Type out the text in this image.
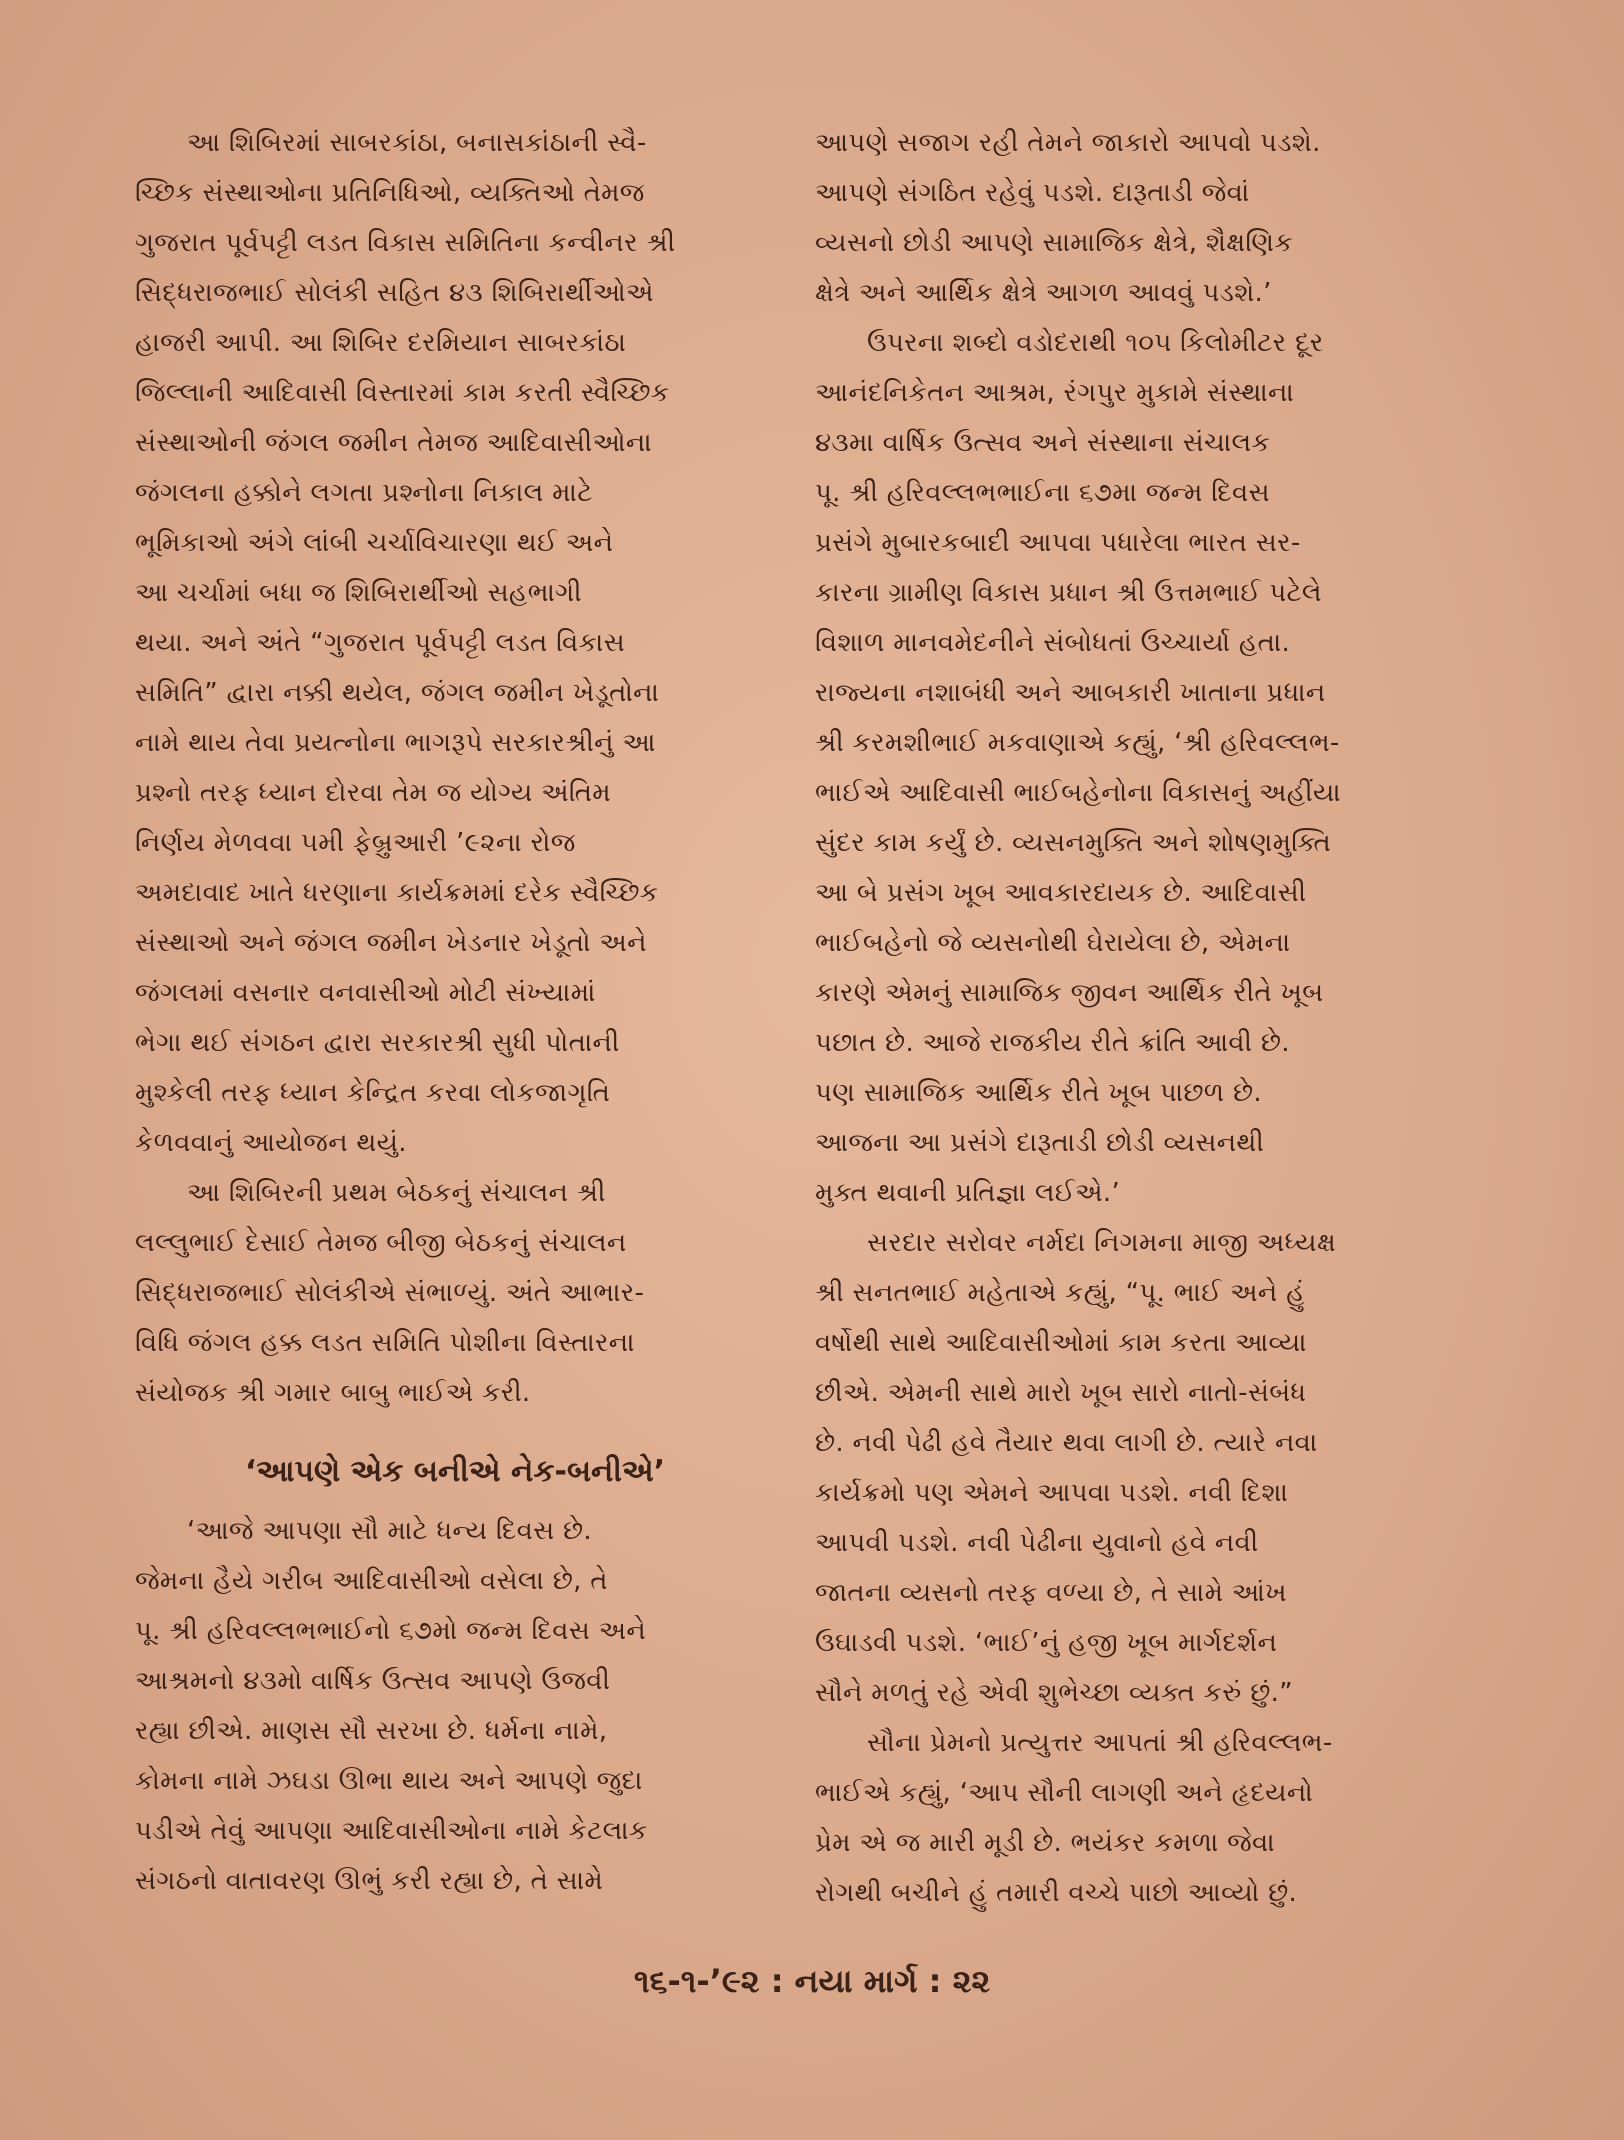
આ શિબિરમાં સાબરકાંઠા, બનાસકાંઠાની સ્વૈ-
ચ્છિક સંસ્થાઓના પ્રતિનિધિઓ, વ્યક્તિઓ તેમજ
ગુજરાત પૂર્વપટ્ટી લડત વિકાસ સમિતિના કન્વીનર શ્રી
સિદ્ધરાજભાઈ સોલંકી સહિત ૪૩ શિબિરાર્થીઓએ
હાજરી આપી. આ શિબિર દરમિયાન સાબરકાંઠા
જિલ્લાની આદિવાસી વિસ્તારમાં કામ કરતી સ્વૈચ્છિક
સંસ્થાઓની જંગલ જમીન તેમજ આદિવાસીઓના
જંગલના હક્કોને લગતા પ્રશ્નોના નિકાલ માટે
ભૂમિકાઓ અંગે લાંબી ચર્ચાવિચારણા થઈ અને
આ ચર્ચામાં બધા જ શિબિરાર્થીઓ સહભાગી
થયા. અને અંતે “ગુજરાત પૂર્વપટ્ટી લડત વિકાસ
સમિતિ” દ્વારા નક્કી થયેલ, જંગલ જમીન ખેડૂતોના
નામે થાય તેવા પ્રયત્નોના ભાગરૂપે સરકારશ્રીનું આ
પ્રશ્નો તરફ ધ્યાન દોરવા તેમ જ યોગ્ય અંતિમ
નિર્ણય મેળવવા ૫મી ફેબ્રુઆરી ’૯૨ના રોજ
અમદાવાદ ખાતે ધરણાના કાર્યક્રમમાં દરેક સ્વૈચ્છિક
સંસ્થાઓ અને જંગલ જમીન ખેડનાર ખેડૂતો અને
જંગલમાં વસનાર વનવાસીઓ મોટી સંખ્યામાં
ભેગા થઈ સંગઠન દ્વારા સરકારશ્રી સુધી પોતાની
મુશ્કેલી તરફ ધ્યાન કેન્દ્રિત કરવા લોકજાગૃતિ
કેળવવાનું આયોજન થયું.
આ શિબિરની પ્રથમ બેઠકનું સંચાલન શ્રી
લલ્લુભાઈ દેસાઈ તેમજ બીજી બેઠકનું સંચાલન
સિદ્ધરાજભાઈ સોલંકીએ સંભાળ્યું. અંતે આભાર-
વિધિ જંગલ હક્ક લડત સમિતિ પોશીના વિસ્તારના
સંયોજક શ્રી ગમાર બાબુ ભાઈએ કરી.
‘આપણે એક બનીએ નેક-બનીએ’
‘આજે આપણા સૌ માટે ધન્ય દિવસ છે.
જેમના હૈયે ગરીબ આદિવાસીઓ વસેલા છે, તે
પૂ. શ્રી હરિવલ્લભભાઈનો ૬૭મો જન્મ દિવસ અને
આશ્રમનો ૪૩મો વાર્ષિક ઉત્સવ આપણે ઉજવી
રહ્યા છીએ. માણસ સૌ સરખા છે. ધર્મના નામે,
કોમના નામે ઝઘડા ઊભા થાય અને આપણે જુદા
પડીએ તેવું આપણા આદિવાસીઓના નામે કેટલાક
સંગઠનો વાતાવરણ ઊભું કરી રહ્યા છે, તે સામે
આપણે સજાગ રહી તેમને જાકારો આપવો પડશે.
આપણે સંગઠિત રહેવું પડશે. દારૂતાડી જેવાં
વ્યસનો છોડી આપણે સામાજિક ક્ષેત્રે, શૈક્ષણિક
ક્ષેત્રે અને આર્થિક ક્ષેત્રે આગળ આવવું પડશે.’
ઉપરના શબ્દો વડોદરાથી ૧૦૫ કિલોમીટર દૂર
આનંદનિકેતન આશ્રમ, રંગપુર મુકામે સંસ્થાના
૪૩મા વાર્ષિક ઉત્સવ અને સંસ્થાના સંચાલક
પૂ. શ્રી હરિવલ્લભભાઈના ૬૭મા જન્મ દિવસ
પ્રસંગે મુબારકબાદી આપવા પધારેલા ભારત સર-
કારના ગ્રામીણ વિકાસ પ્રધાન શ્રી ઉત્તમભાઈ પટેલે
વિશાળ માનવમેદનીને સંબોધતાં ઉચ્ચાર્યા હતા.
રાજ્યના નશાબંધી અને આબકારી ખાતાના પ્રધાન
શ્રી કરમશીભાઈ મકવાણાએ કહ્યું, ‘શ્રી હરિવલ્લભ-
ભાઈએ આદિવાસી ભાઈબહેનોના વિકાસનું અહીંયા
સુંદર કામ કર્યું છે. વ્યસનમુક્તિ અને શોષણમુક્તિ
આ બે પ્રસંગ ખૂબ આવકારદાયક છે. આદિવાસી
ભાઈબહેનો જે વ્યસનોથી ઘેરાયેલા છે, એમના
કારણે એમનું સામાજિક જીવન આર્થિક રીતે ખૂબ
પછાત છે. આજે રાજકીય રીતે ક્રાંતિ આવી છે.
પણ સામાજિક આર્થિક રીતે ખૂબ પાછળ છે.
આજના આ પ્રસંગે દારૂતાડી છોડી વ્યસનથી
મુક્ત થવાની પ્રતિજ્ઞા લઈએ.’
સરદાર સરોવર નર્મદા નિગમના માજી અધ્યક્ષ
શ્રી સનતભાઈ મહેતાએ કહ્યું, “પૂ. ભાઈ અને હું
વર્ષોથી સાથે આદિવાસીઓમાં કામ કરતા આવ્યા
છીએ. એમની સાથે મારો ખૂબ સારો નાતો-સંબંધ
છે. નવી પેઢી હવે તૈયાર થવા લાગી છે. ત્યારે નવા
કાર્યક્રમો પણ એમને આપવા પડશે. નવી દિશા
આપવી પડશે. નવી પેઢીના યુવાનો હવે નવી
જાતના વ્યસનો તરફ વળ્યા છે, તે સામે આંખ
ઉઘાડવી પડશે. ‘ભાઈ’નું હજી ખૂબ માર્ગદર્શન
સૌને મળતું રહે એવી શુભેચ્છા વ્યક્ત કરું છું.”
સૌના પ્રેમનો પ્રત્યુત્તર આપતાં શ્રી હરિવલ્લભ-
ભાઈએ કહ્યું, ‘આપ સૌની લાગણી અને હૃદયનો
પ્રેમ એ જ મારી મૂડી છે. ભયંકર કમળા જેવા
રોગથી બચીને હું તમારી વચ્ચે પાછો આવ્યો છું.
૧૬-૧-’૯૨ : નયા માર્ગ : ૨૨
